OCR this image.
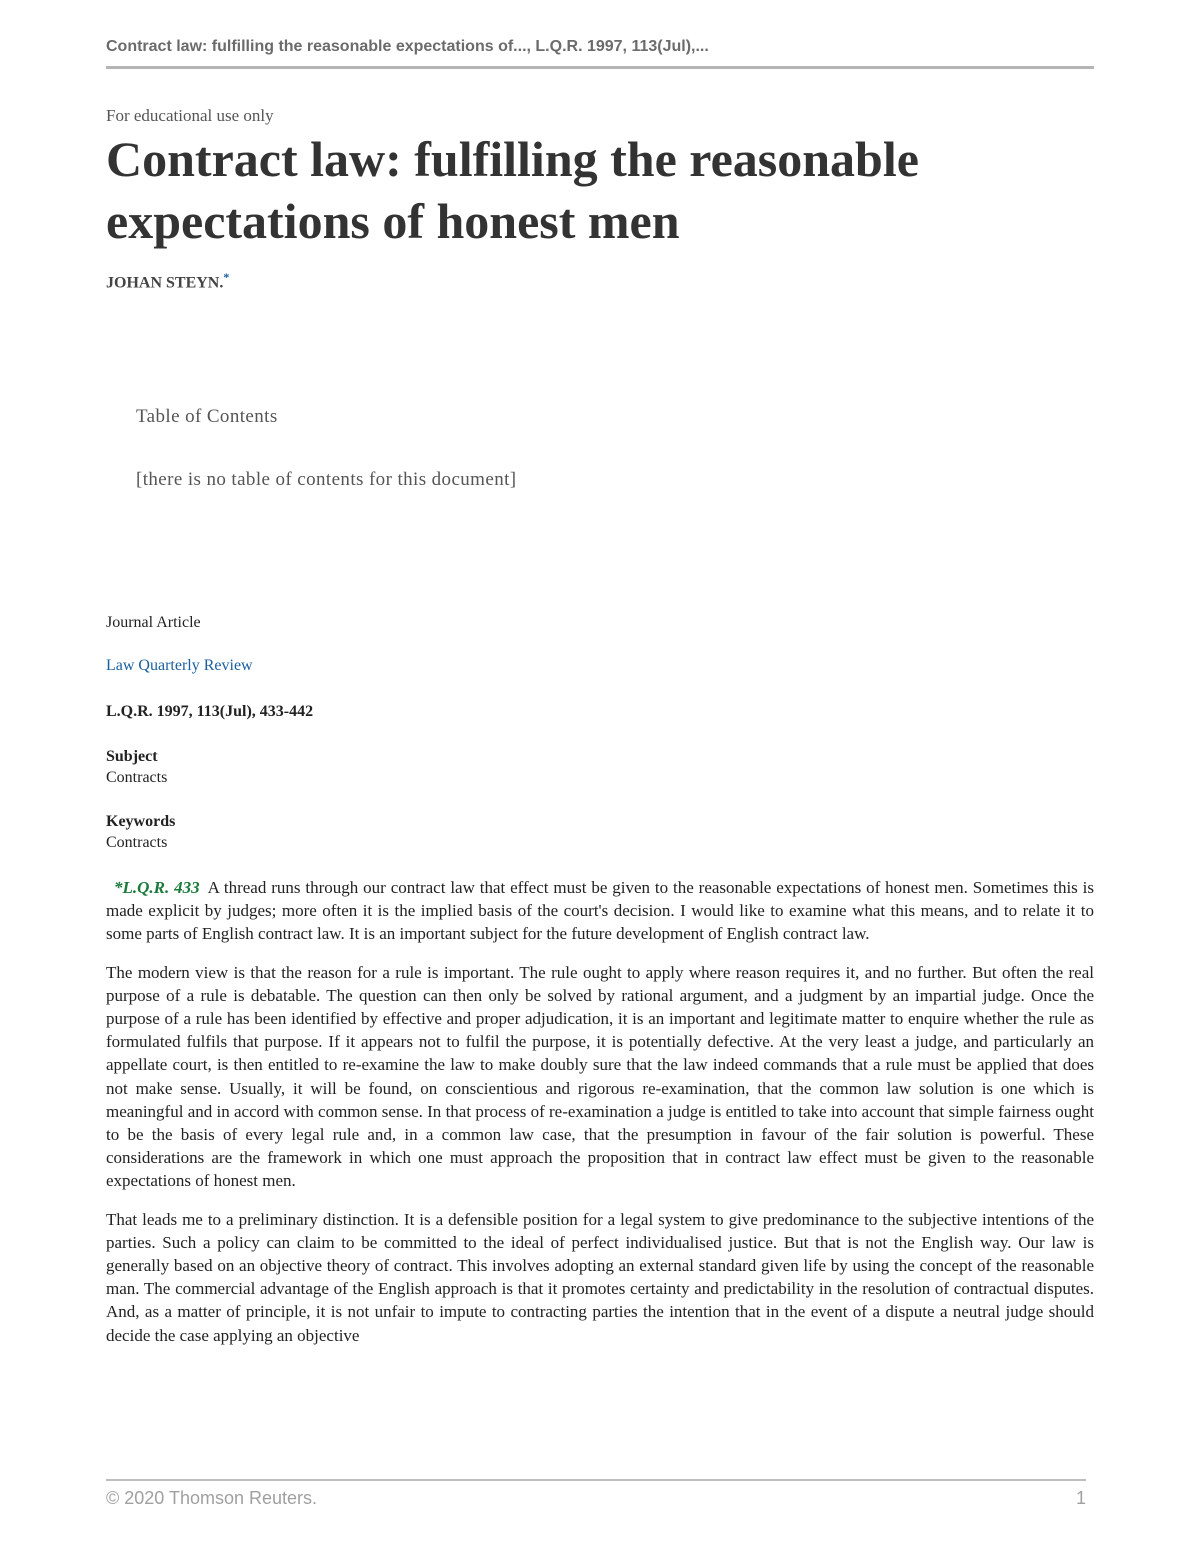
Contract law: fulfilling the reasonable expectations of..., L.Q.R. 1997, 113(Jul),...
For educational use only
Contract law: fulfilling the reasonable expectations of honest men
JOHAN STEYN.*
Table of Contents
[there is no table of contents for this document]
Journal Article
Law Quarterly Review
L.Q.R. 1997, 113(Jul), 433-442
Subject
Contracts
Keywords
Contracts

*L.Q.R. 433 A thread runs through our contract law that effect must be given to the reasonable expectations of honest men. Sometimes this is made explicit by judges; more often it is the implied basis of the court's decision. I would like to examine what this means, and to relate it to some parts of English contract law. It is an important subject for the future development of English contract law.

The modern view is that the reason for a rule is important. The rule ought to apply where reason requires it, and no further. But often the real purpose of a rule is debatable. The question can then only be solved by rational argument, and a judgment by an impartial judge. Once the purpose of a rule has been identified by effective and proper adjudication, it is an important and legitimate matter to enquire whether the rule as formulated fulfils that purpose. If it appears not to fulfil the purpose, it is potentially defective. At the very least a judge, and particularly an appellate court, is then entitled to re-examine the law to make doubly sure that the law indeed commands that a rule must be applied that does not make sense. Usually, it will be found, on conscientious and rigorous re-examination, that the common law solution is one which is meaningful and in accord with common sense. In that process of re-examination a judge is entitled to take into account that simple fairness ought to be the basis of every legal rule and, in a common law case, that the presumption in favour of the fair solution is powerful. These considerations are the framework in which one must approach the proposition that in contract law effect must be given to the reasonable expectations of honest men.

That leads me to a preliminary distinction. It is a defensible position for a legal system to give predominance to the subjective intentions of the parties. Such a policy can claim to be committed to the ideal of perfect individualised justice. But that is not the English way. Our law is generally based on an objective theory of contract. This involves adopting an external standard given life by using the concept of the reasonable man. The commercial advantage of the English approach is that it promotes certainty and predictability in the resolution of contractual disputes. And, as a matter of principle, it is not unfair to impute to contracting parties the intention that in the event of a dispute a neutral judge should decide the case applying an objective

© 2020 Thomson Reuters.	1
